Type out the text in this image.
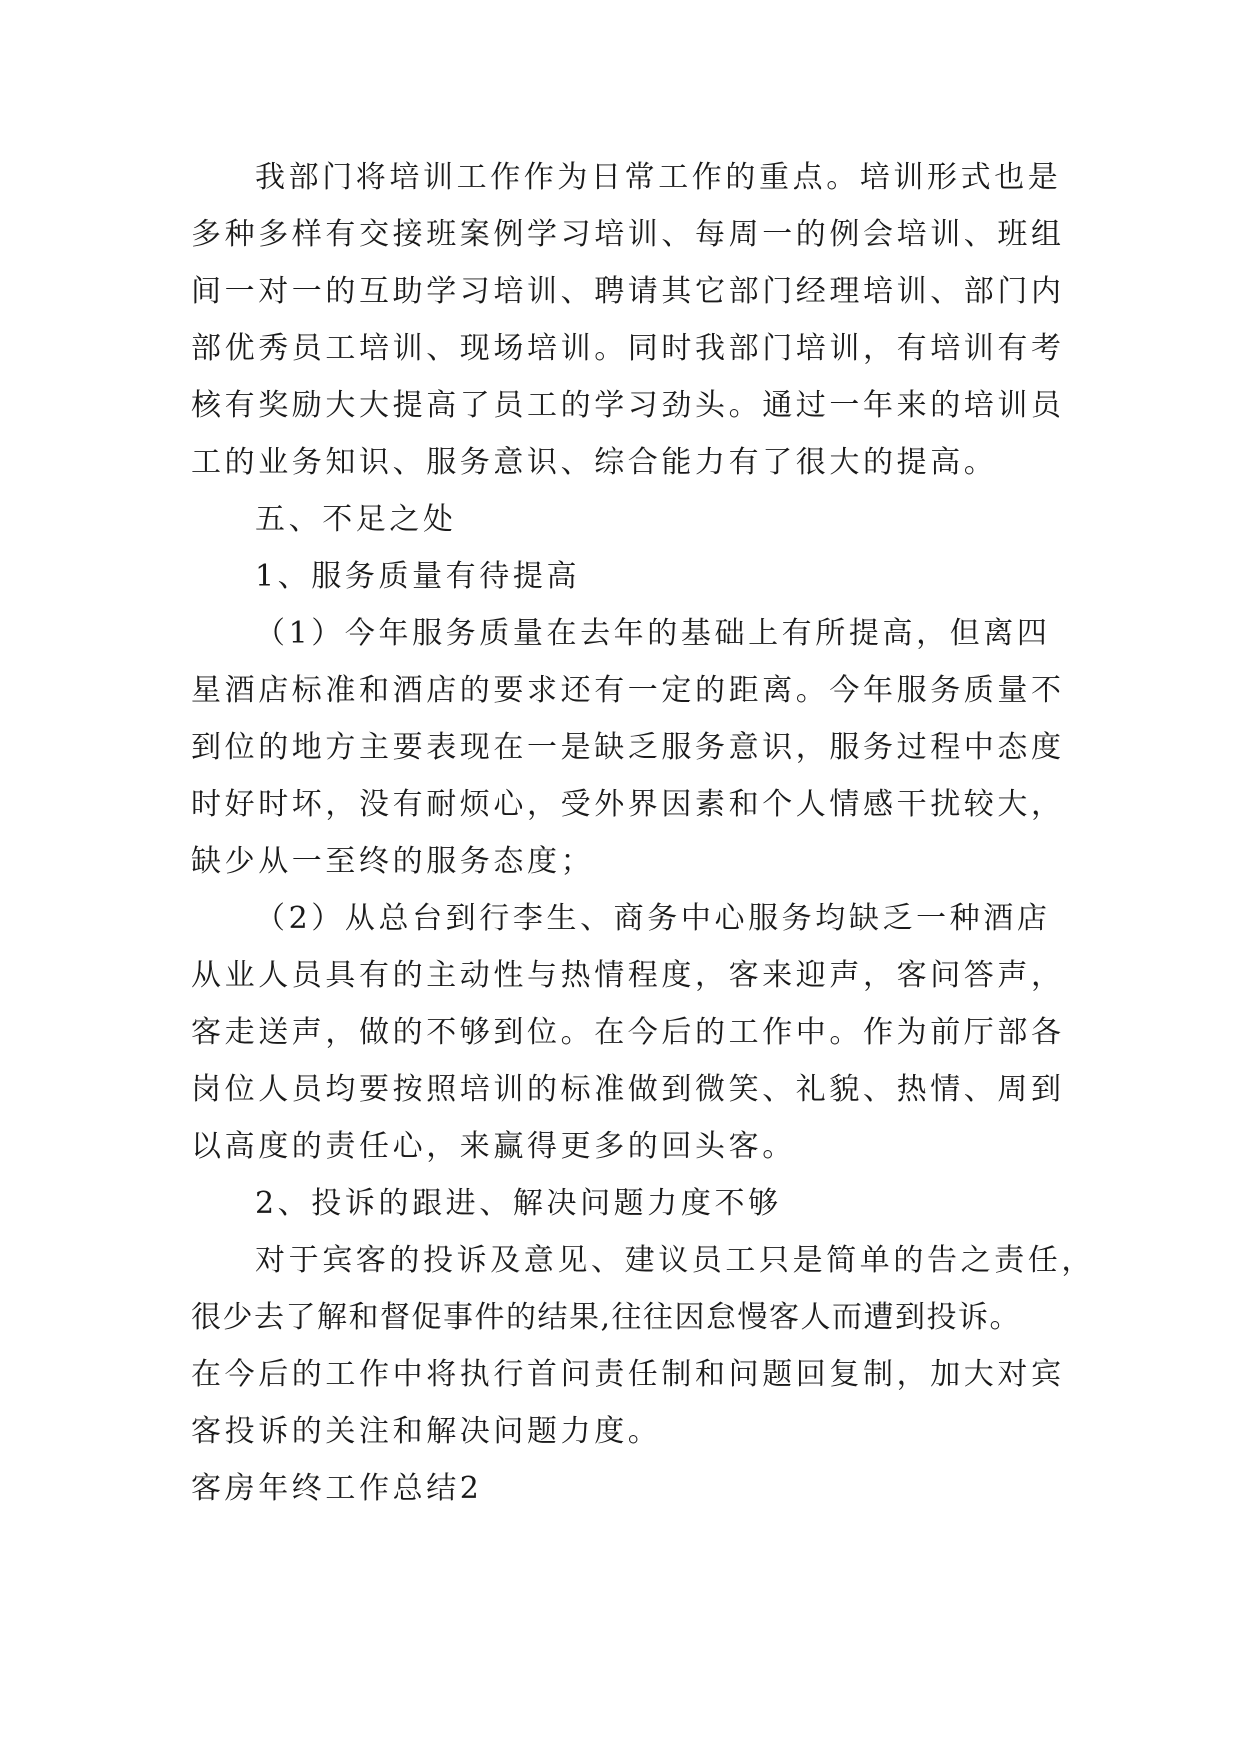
我部门将培训工作作为日常工作的重点。培训形式也是
多种多样有交接班案例学习培训、每周一的例会培训、班组
间一对一的互助学习培训、聘请其它部门经理培训、部门内
部优秀员工培训、现场培训。同时我部门培训，有培训有考
核有奖励大大提高了员工的学习劲头。通过一年来的培训员
工的业务知识、服务意识、综合能力有了很大的提高。
五、不足之处
1、服务质量有待提高
（1）今年服务质量在去年的基础上有所提高，但离四
星酒店标准和酒店的要求还有一定的距离。今年服务质量不
到位的地方主要表现在一是缺乏服务意识，服务过程中态度
时好时坏，没有耐烦心，受外界因素和个人情感干扰较大，
缺少从一至终的服务态度；
（2）从总台到行李生、商务中心服务均缺乏一种酒店
从业人员具有的主动性与热情程度，客来迎声，客问答声，
客走送声，做的不够到位。在今后的工作中。作为前厅部各
岗位人员均要按照培训的标准做到微笑、礼貌、热情、周到
以高度的责任心，来赢得更多的回头客。
2、投诉的跟进、解决问题力度不够
对于宾客的投诉及意见、建议员工只是简单的告之责任，
很少去了解和督促事件的结果,往往因怠慢客人而遭到投诉。
在今后的工作中将执行首问责任制和问题回复制，加大对宾
客投诉的关注和解决问题力度。
客房年终工作总结2
